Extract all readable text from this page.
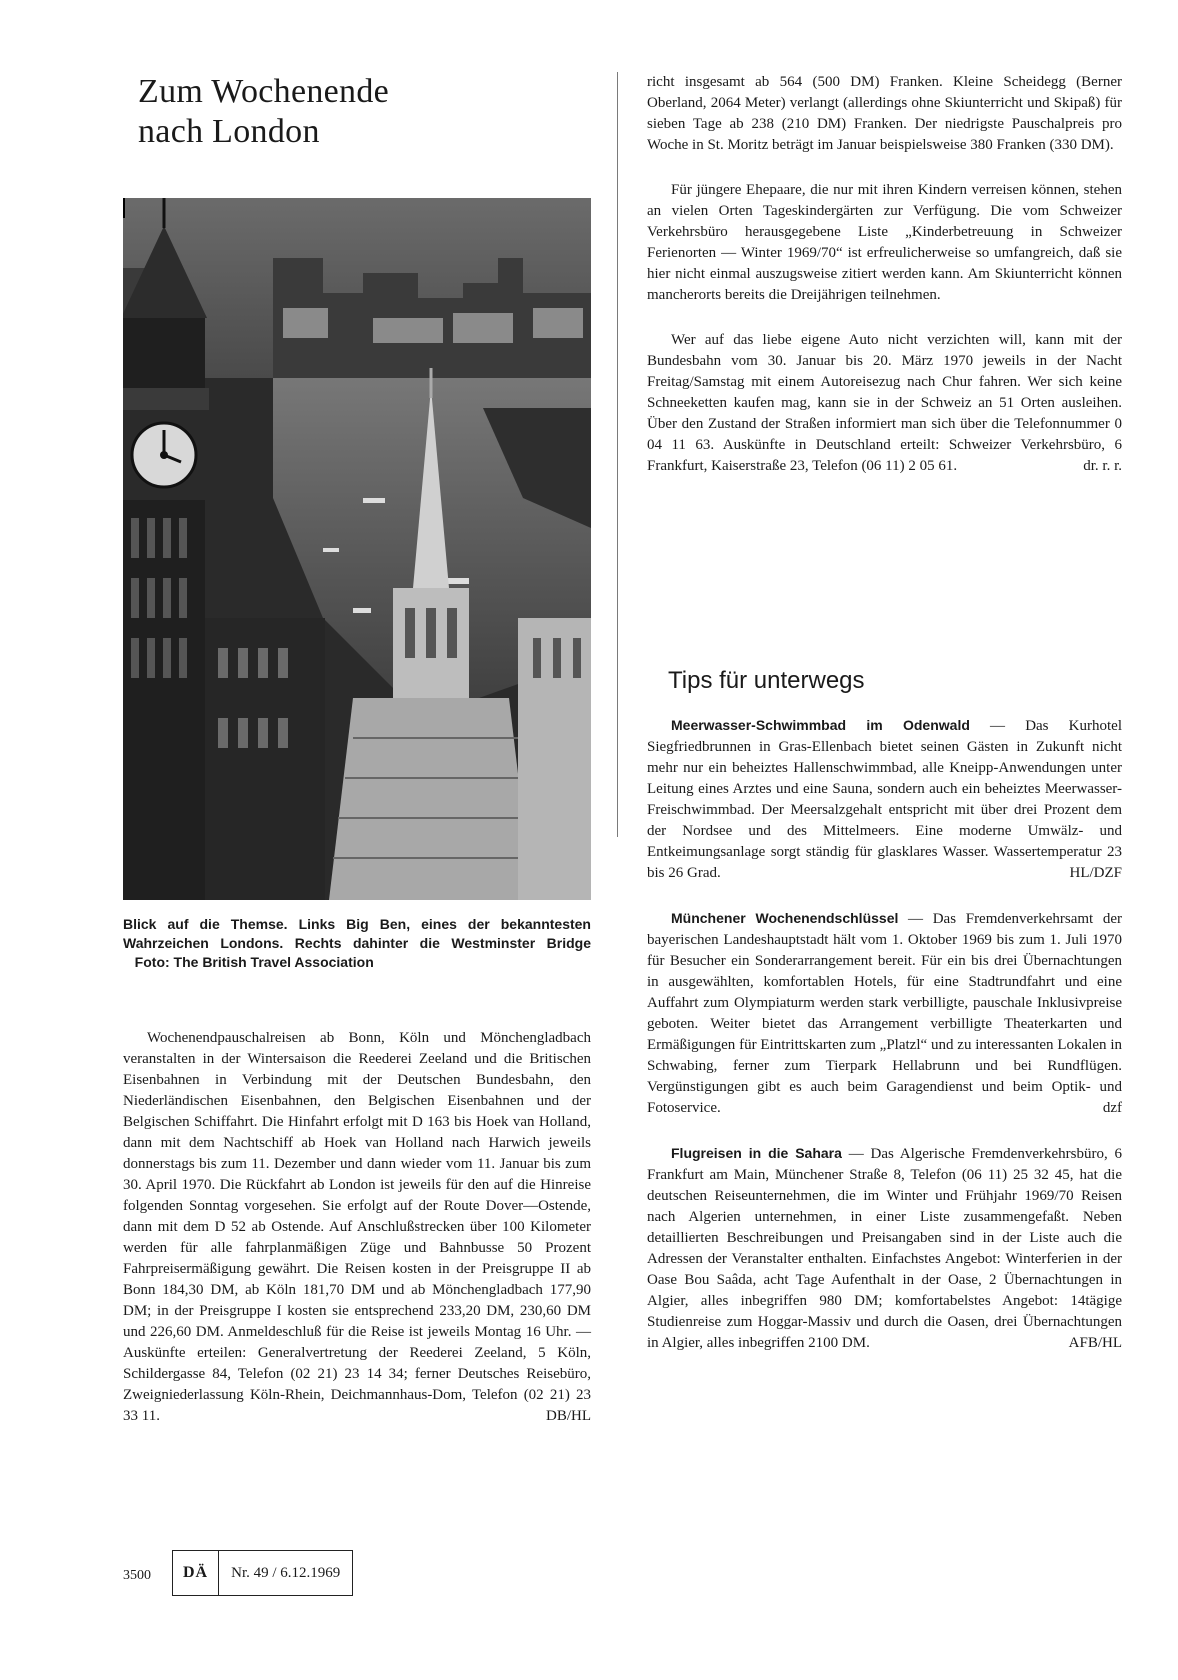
Zum Wochenende
nach London
Blick auf die Themse. Links Big Ben, eines der bekanntesten Wahrzeichen Londons. Rechts dahinter die Westminster Bridge    Foto: The British Travel Association

Wochenendpauschalreisen ab Bonn, Köln und Mönchengladbach veranstalten in der Wintersaison die Reederei Zeeland und die Britischen Eisenbahnen in Verbindung mit der Deutschen Bundesbahn, den Niederländischen Eisenbahnen, den Belgischen Eisenbahnen und der Belgischen Schiffahrt. Die Hinfahrt erfolgt mit D 163 bis Hoek van Holland, dann mit dem Nachtschiff ab Hoek van Holland nach Harwich jeweils donnerstags bis zum 11. Dezember und dann wieder vom 11. Januar bis zum 30. April 1970. Die Rückfahrt ab London ist jeweils für den auf die Hinreise folgenden Sonntag vorgesehen. Sie erfolgt auf der Route Dover—Ostende, dann mit dem D 52 ab Ostende. Auf Anschlußstrecken über 100 Kilometer werden für alle fahrplanmäßigen Züge und Bahnbusse 50 Prozent Fahrpreisermäßigung gewährt. Die Reisen kosten in der Preisgruppe II ab Bonn 184,30 DM, ab Köln 181,70 DM und ab Mönchengladbach 177,90 DM; in der Preisgruppe I kosten sie entsprechend 233,20 DM, 230,60 DM und 226,60 DM. Anmeldeschluß für die Reise ist jeweils Montag 16 Uhr. — Auskünfte erteilen: Generalvertretung der Reederei Zeeland, 5 Köln, Schildergasse 84, Telefon (02 21) 23 14 34; ferner Deutsches Reisebüro, Zweigniederlassung Köln-Rhein, Deichmannhaus-Dom, Telefon (02 21) 23 33 11.	DB/HL

richt insgesamt ab 564 (500 DM) Franken. Kleine Scheidegg (Berner Oberland, 2064 Meter) verlangt (allerdings ohne Skiunterricht und Skipaß) für sieben Tage ab 238 (210 DM) Franken. Der niedrigste Pauschalpreis pro Woche in St. Moritz beträgt im Januar beispielsweise 380 Franken (330 DM).

Für jüngere Ehepaare, die nur mit ihren Kindern verreisen können, stehen an vielen Orten Tageskindergärten zur Verfügung. Die vom Schweizer Verkehrsbüro herausgegebene Liste „Kinderbetreuung in Schweizer Ferienorten — Winter 1969/70“ ist erfreulicherweise so umfangreich, daß sie hier nicht einmal auszugsweise zitiert werden kann. Am Skiunterricht können mancherorts bereits die Dreijährigen teilnehmen.

Wer auf das liebe eigene Auto nicht verzichten will, kann mit der Bundesbahn vom 30. Januar bis 20. März 1970 jeweils in der Nacht Freitag/Samstag mit einem Autoreisezug nach Chur fahren. Wer sich keine Schneeketten kaufen mag, kann sie in der Schweiz an 51 Orten ausleihen. Über den Zustand der Straßen informiert man sich über die Telefonnummer 0 04 11 63. Auskünfte in Deutschland erteilt: Schweizer Verkehrsbüro, 6 Frankfurt, Kaiserstraße 23, Telefon (06 11) 2 05 61.	dr. r. r.

Tips für unterwegs

Meerwasser-Schwimmbad im Odenwald — Das Kurhotel Siegfriedbrunnen in Gras-Ellenbach bietet seinen Gästen in Zukunft nicht mehr nur ein beheiztes Hallenschwimmbad, alle Kneipp-Anwendungen unter Leitung eines Arztes und eine Sauna, sondern auch ein beheiztes Meerwasser-Freischwimmbad. Der Meersalzgehalt entspricht mit über drei Prozent dem der Nordsee und des Mittelmeers. Eine moderne Umwälz- und Entkeimungsanlage sorgt ständig für glasklares Wasser. Wassertemperatur 23 bis 26 Grad.	HL/DZF

Münchener Wochenendschlüssel — Das Fremdenverkehrsamt der bayerischen Landeshauptstadt hält vom 1. Oktober 1969 bis zum 1. Juli 1970 für Besucher ein Sonderarrangement bereit. Für ein bis drei Übernachtungen in ausgewählten, komfortablen Hotels, für eine Stadtrundfahrt und eine Auffahrt zum Olympiaturm werden stark verbilligte, pauschale Inklusivpreise geboten. Weiter bietet das Arrangement verbilligte Theaterkarten und Ermäßigungen für Eintrittskarten zum „Platzl“ und zu interessanten Lokalen in Schwabing, ferner zum Tierpark Hellabrunn und bei Rundflügen. Vergünstigungen gibt es auch beim Garagendienst und beim Optik- und Fotoservice.	dzf

Flugreisen in die Sahara — Das Algerische Fremdenverkehrsbüro, 6 Frankfurt am Main, Münchener Straße 8, Telefon (06 11) 25 32 45, hat die deutschen Reiseunternehmen, die im Winter und Frühjahr 1969/70 Reisen nach Algerien unternehmen, in einer Liste zusammengefaßt. Neben detaillierten Beschreibungen und Preisangaben sind in der Liste auch die Adressen der Veranstalter enthalten. Einfachstes Angebot: Winterferien in der Oase Bou Saâda, acht Tage Aufenthalt in der Oase, 2 Übernachtungen in Algier, alles inbegriffen 980 DM; komfortabelstes Angebot: 14tägige Studienreise zum Hoggar-Massiv und durch die Oasen, drei Übernachtungen in Algier, alles inbegriffen 2100 DM.	AFB/HL

3500	DÄ	Nr. 49 / 6.12.1969
